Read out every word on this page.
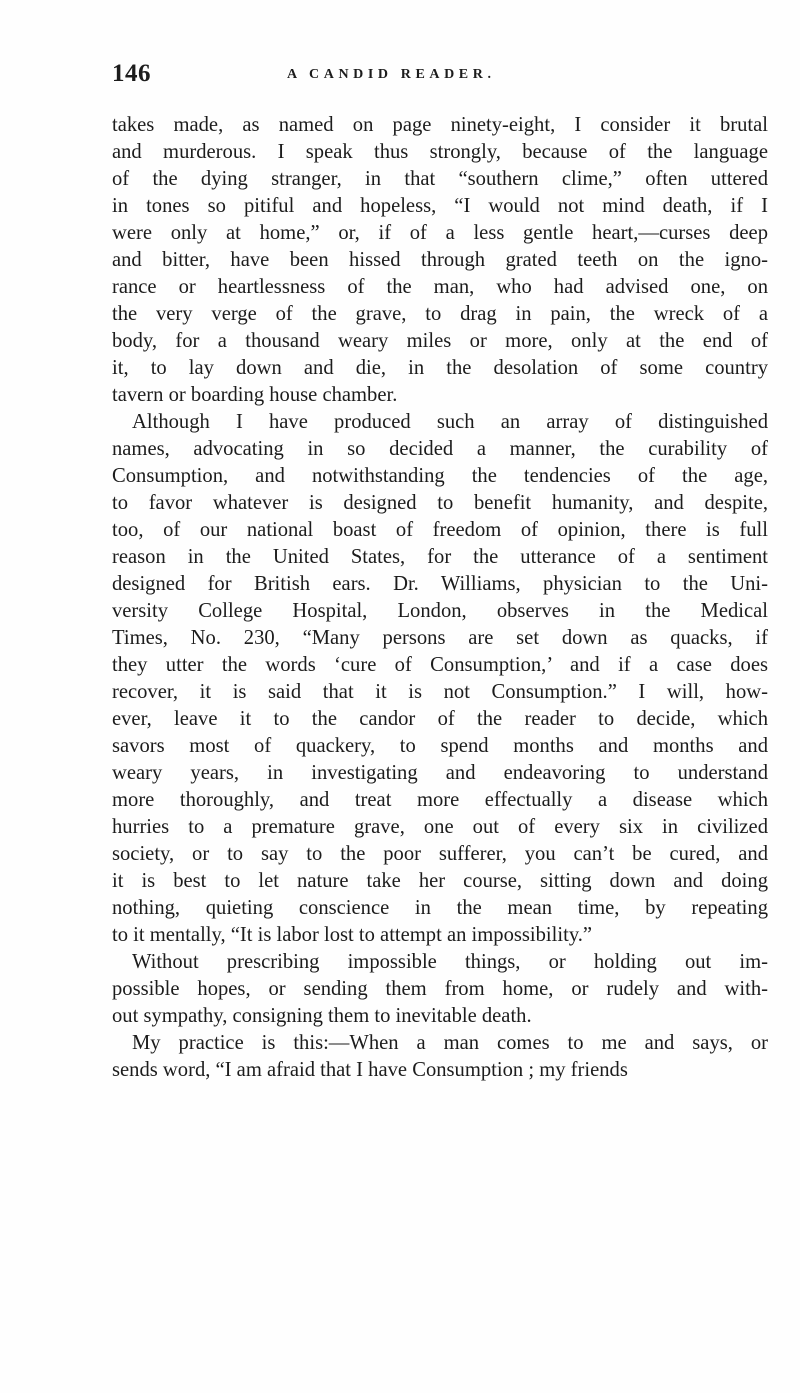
146	A CANDID READER.
takes made, as named on page ninety-eight, I consider it brutal
and murderous. I speak thus strongly, because of the language
of the dying stranger, in that “southern clime,” often uttered
in tones so pitiful and hopeless, “I would not mind death, if I
were only at home,” or, if of a less gentle heart,—curses deep
and bitter, have been hissed through grated teeth on the igno-
rance or heartlessness of the man, who had advised one, on
the very verge of the grave, to drag in pain, the wreck of a
body, for a thousand weary miles or more, only at the end of
it, to lay down and die, in the desolation of some country
tavern or boarding house chamber.
Although I have produced such an array of distinguished
names, advocating in so decided a manner, the curability of
Consumption, and notwithstanding the tendencies of the age,
to favor whatever is designed to benefit humanity, and despite,
too, of our national boast of freedom of opinion, there is full
reason in the United States, for the utterance of a sentiment
designed for British ears. Dr. Williams, physician to the Uni-
versity College Hospital, London, observes in the Medical
Times, No. 230, “Many persons are set down as quacks, if
they utter the words ‘cure of Consumption,’ and if a case does
recover, it is said that it is not Consumption.” I will, how-
ever, leave it to the candor of the reader to decide, which
savors most of quackery, to spend months and months and
weary years, in investigating and endeavoring to understand
more thoroughly, and treat more effectually a disease which
hurries to a premature grave, one out of every six in civilized
society, or to say to the poor sufferer, you can’t be cured, and
it is best to let nature take her course, sitting down and doing
nothing, quieting conscience in the mean time, by repeating
to it mentally, “It is labor lost to attempt an impossibility.”
Without prescribing impossible things, or holding out im-
possible hopes, or sending them from home, or rudely and with-
out sympathy, consigning them to inevitable death.
My practice is this:—When a man comes to me and says, or
sends word, “I am afraid that I have Consumption ; my friends
